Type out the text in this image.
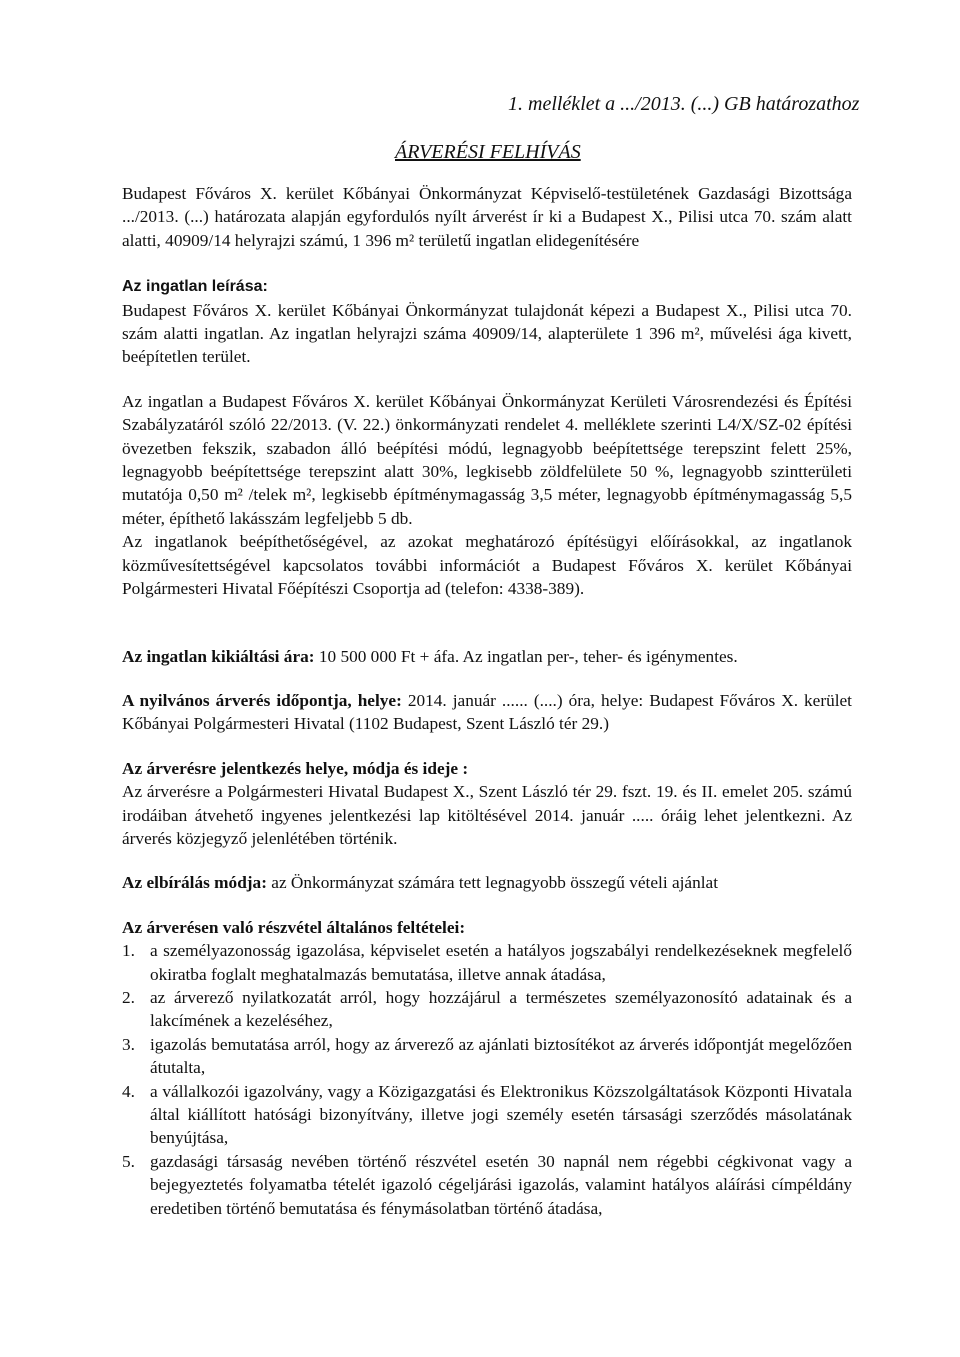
1. melléklet a .../2013. (...) GB határozathoz
ÁRVERÉSI FELHÍVÁS

Budapest Főváros X. kerület Kőbányai Önkormányzat Képviselő-testületének Gazdasági Bizottsága .../2013. (...) határozata alapján egyfordulós nyílt árverést ír ki a Budapest X., Pilisi utca 70. szám alatt alatti, 40909/14 helyrajzi számú, 1 396 m² területű ingatlan elidegenítésére

Az ingatlan leírása:

Budapest Főváros X. kerület Kőbányai Önkormányzat tulajdonát képezi a Budapest X., Pilisi utca 70. szám alatti ingatlan. Az ingatlan helyrajzi száma 40909/14, alapterülete 1 396 m², művelési ága kivett, beépítetlen terület.

Az ingatlan a Budapest Főváros X. kerület Kőbányai Önkormányzat Kerületi Városrendezési és Építési Szabályzatáról szóló 22/2013. (V. 22.) önkormányzati rendelet 4. melléklete szerinti L4/X/SZ-02 építési övezetben fekszik, szabadon álló beépítési módú, legnagyobb beépítettsége terepszint felett 25%, legnagyobb beépítettsége terepszint alatt 30%, legkisebb zöldfelülete 50 %, legnagyobb szintterületi mutatója 0,50 m² /telek m², legkisebb építménymagasság 3,5 méter, legnagyobb építménymagasság 5,5 méter, építhető lakásszám legfeljebb 5 db.

Az ingatlanok beépíthetőségével, az azokat meghatározó építésügyi előírásokkal, az ingatlanok közművesítettségével kapcsolatos további információt a Budapest Főváros X. kerület Kőbányai Polgármesteri Hivatal Főépítészi Csoportja ad (telefon: 4338-389).

Az ingatlan kikiáltási ára: 10 500 000 Ft + áfa. Az ingatlan per-, teher- és igénymentes.

A nyilvános árverés időpontja, helye: 2014. január ...... (....) óra, helye: Budapest Főváros X. kerület Kőbányai Polgármesteri Hivatal (1102 Budapest, Szent László tér 29.)

Az árverésre jelentkezés helye, módja és ideje :

Az árverésre a Polgármesteri Hivatal Budapest X., Szent László tér 29. fszt. 19. és II. emelet 205. számú irodáiban átvehető ingyenes jelentkezési lap kitöltésével 2014. január ..... óráig lehet jelentkezni. Az árverés közjegyző jelenlétében történik.

Az elbírálás módja: az Önkormányzat számára tett legnagyobb összegű vételi ajánlat

Az árverésen való részvétel általános feltételei:

1. a személyazonosság igazolása, képviselet esetén a hatályos jogszabályi rendelkezéseknek megfelelő okiratba foglalt meghatalmazás bemutatása, illetve annak átadása,
2. az árverező nyilatkozatát arról, hogy hozzájárul a természetes személyazonosító adatainak és a lakcímének a kezeléséhez,
3. igazolás bemutatása arról, hogy az árverező az ajánlati biztosítékot az árverés időpontját megelőzően átutalta,
4. a vállalkozói igazolvány, vagy a Közigazgatási és Elektronikus Közszolgáltatások Központi Hivatala által kiállított hatósági bizonyítvány, illetve jogi személy esetén társasági szerződés másolatának benyújtása,
5. gazdasági társaság nevében történő részvétel esetén 30 napnál nem régebbi cégkivonat vagy a bejegyeztetés folyamatba tételét igazoló cégeljárási igazolás, valamint hatályos aláírási címpéldány eredetiben történő bemutatása és fénymásolatban történő átadása,
